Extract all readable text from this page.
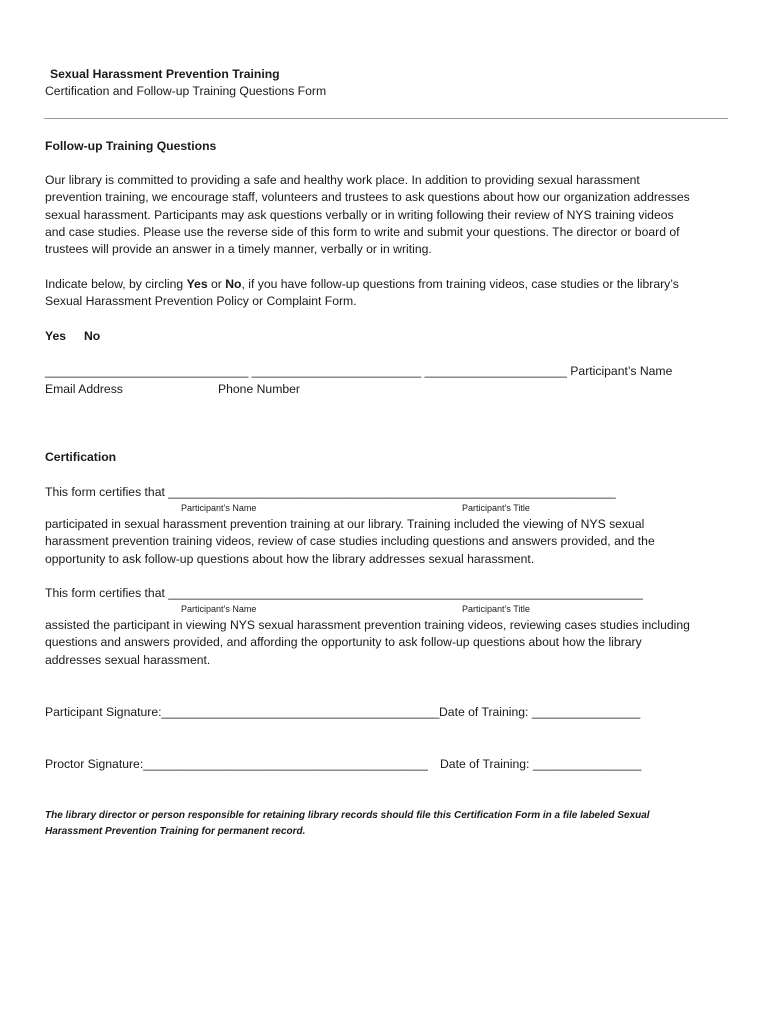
Sexual Harassment Prevention Training
Certification and Follow-up Training Questions Form
Follow-up Training Questions
Our library is committed to providing a safe and healthy work place. In addition to providing sexual harassment
prevention training, we encourage staff, volunteers and trustees to ask questions about how our organization addresses
sexual harassment. Participants may ask questions verbally or in writing following their review of NYS training videos
and case studies. Please use the reverse side of this form to write and submit your questions. The director or board of
trustees will provide an answer in a timely manner, verbally or in writing.
Indicate below, by circling Yes or No, if you have follow-up questions from training videos, case studies or the library’s
Sexual Harassment Prevention Policy or Complaint Form.
Yes No
______________________________ _________________________ _____________________ Participant’s Name
Email Address	Phone Number
Certification
This form certifies that __________________________________________________________________
Participant’s Name	Participant’s Title
participated in sexual harassment prevention training at our library. Training included the viewing of NYS sexual
harassment prevention training videos, review of case studies including questions and answers provided, and the
opportunity to ask follow-up questions about how the library addresses sexual harassment.
This form certifies that ______________________________________________________________________
Participant’s Name	Participant’s Title
assisted the participant in viewing NYS sexual harassment prevention training videos, reviewing cases studies including
questions and answers provided, and affording the opportunity to ask follow-up questions about how the library
addresses sexual harassment.
Participant Signature:_________________________________________ Date of Training: ________________
Proctor Signature:__________________________________________ Date of Training: ________________
The library director or person responsible for retaining library records should file this Certification Form in a file labeled Sexual
Harassment Prevention Training for permanent record.
